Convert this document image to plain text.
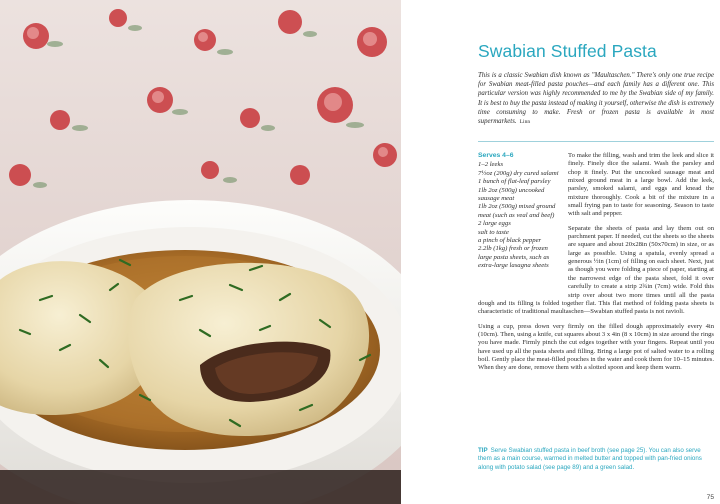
Swabian Stuffed Pasta

This is a classic Swabian dish known as "Maultaschen." There's only one true recipe for Swabian meat-filled pasta pouches—and each family has a different one. This particular version was highly recommended to me by the Swabian side of my family. It is best to buy the pasta instead of making it yourself, otherwise the dish is extremely time consuming to make. Fresh or frozen pasta is available in most supermarkets. Linn

Serves 4–6
1–2 leeks
7½oz (200g) dry cured salami
1 bunch of flat-leaf parsley
1lb 2oz (500g) uncooked sausage meat
1lb 2oz (500g) mixed ground meat (such as veal and beef)
2 large eggs
salt to taste
a pinch of black pepper
2.2lb (1kg) fresh or frozen large pasta sheets, such as extra-large lasagna sheets

To make the filling, wash and trim the leek and slice it finely. Finely dice the salami. Wash the parsley and chop it finely. Put the uncooked sausage meat and mixed ground meat in a large bowl. Add the leek, parsley, smoked salami, and eggs and knead the mixture thoroughly. Cook a bit of the mixture in a small frying pan to taste for seasoning. Season to taste with salt and pepper.

Separate the sheets of pasta and lay them out on parchment paper. If needed, cut the sheets so the sheets are square and about 20x28in (50x70cm) in size, or as large as possible. Using a spatula, evenly spread a generous ½in (1cm) of filling on each sheet. Next, just as though you were folding a piece of paper, starting at the narrowest edge of the pasta sheet, fold it over carefully to create a strip 2¾in (7cm) wide. Fold this strip over about two more times until all the pasta dough and its filling is folded together flat. This flat method of folding pasta sheets is characteristic of traditional maultaschen—Swabian stuffed pasta is not ravioli.

Using a cup, press down very firmly on the filled dough approximately every 4in (10cm). Then, using a knife, cut squares about 3 x 4in (8 x 10cm) in size around the rings you have made. Firmly pinch the cut edges together with your fingers. Repeat until you have used up all the pasta sheets and filling. Bring a large pot of salted water to a rolling boil. Gently place the meat-filled pouches in the water and cook them for 10–15 minutes. When they are done, remove them with a slotted spoon and keep them warm.

TIP Serve Swabian stuffed pasta in beef broth (see page 25). You can also serve them as a main course, warmed in melted butter and topped with pan-fried onions along with potato salad (see page 89) and a green salad.

75
